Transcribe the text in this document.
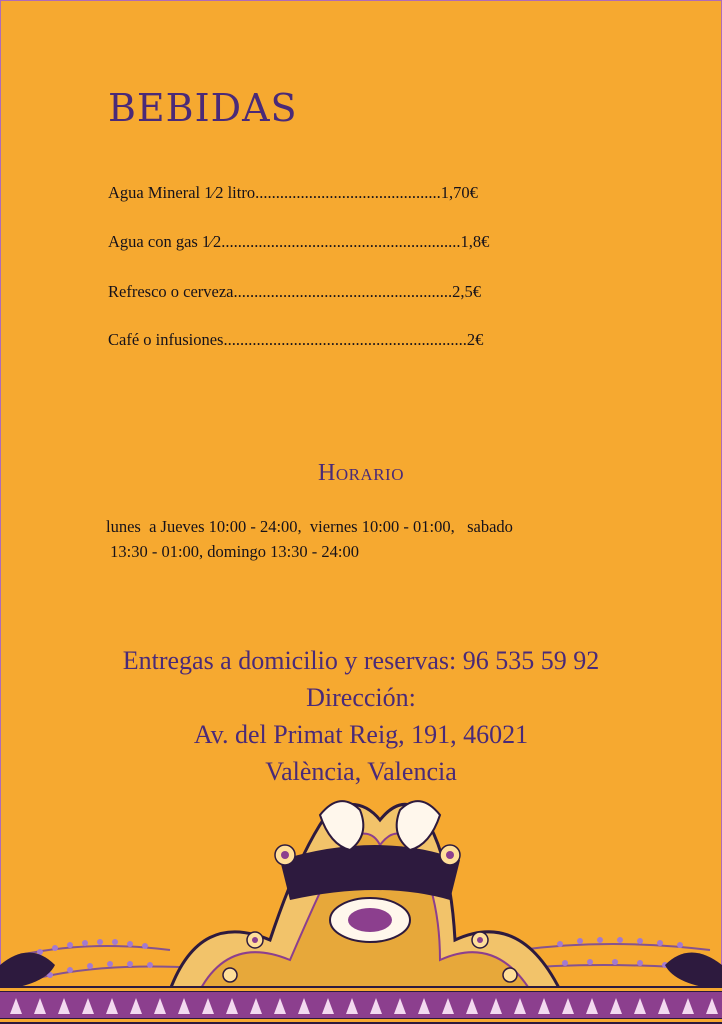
BEBIDAS
Agua Mineral 1⁄2 litro.............................................1,70€
Agua con gas 1⁄2..........................................................1,8€
Refresco o cerveza.....................................................2,5€
Café o infusiones...........................................................2€
Horario
lunes  a Jueves 10:00 - 24:00,  viernes 10:00 - 01:00,   sabado
13:30 - 01:00, domingo 13:30 - 24:00
Entregas a domicilio y reservas: 96 535 59 92
Dirección:
Av. del Primat Reig, 191, 46021
València, Valencia
